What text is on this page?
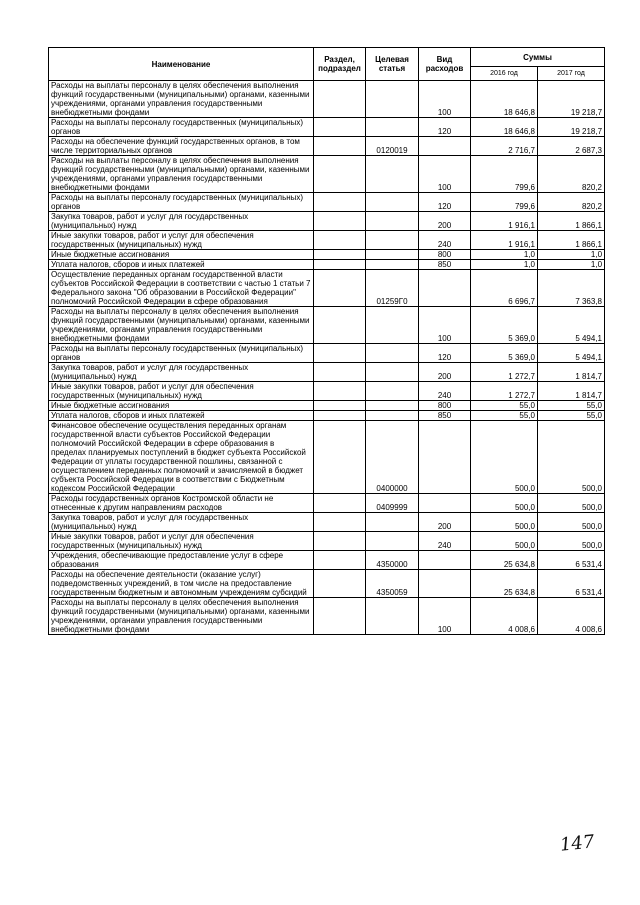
Наименование	Раздел, подраздел	Целевая статья	Вид расходов	Суммы	
				2016 год	2017 год
Расходы на выплаты персоналу в целях обеспечения выполнения функций государственными (муниципальными) органами, казенными учреждениями, органами управления государственными внебюджетными фондами			100	18 646,8	19 218,7
Расходы на выплаты персоналу государственных (муниципальных) органов			120	18 646,8	19 218,7
Расходы на обеспечение функций государственных органов, в том числе территориальных органов		0120019		2 716,7	2 687,3
Расходы на выплаты персоналу в целях обеспечения выполнения функций государственными (муниципальными) органами, казенными учреждениями, органами управления государственными внебюджетными фондами			100	799,6	820,2
Расходы на выплаты персоналу государственных (муниципальных) органов			120	799,6	820,2
Закупка товаров, работ и услуг для государственных (муниципальных) нужд			200	1 916,1	1 866,1
Иные закупки товаров, работ и услуг для обеспечения государственных (муниципальных) нужд			240	1 916,1	1 866,1
Иные бюджетные ассигнования			800	1,0	1,0
Уплата налогов, сборов и иных платежей			850	1,0	1,0
Осуществление переданных органам государственной власти субъектов Российской Федерации в соответствии с частью 1 статьи 7 Федерального закона "Об образовании в Российской Федерации" полномочий Российской Федерации в сфере образования		01259Г0		6 696,7	7 363,8
Расходы на выплаты персоналу в целях обеспечения выполнения функций государственными (муниципальными) органами, казенными учреждениями, органами управления государственными внебюджетными фондами			100	5 369,0	5 494,1
Расходы на выплаты персоналу государственных (муниципальных) органов			120	5 369,0	5 494,1
Закупка товаров, работ и услуг для государственных (муниципальных) нужд			200	1 272,7	1 814,7
Иные закупки товаров, работ и услуг для обеспечения государственных (муниципальных) нужд			240	1 272,7	1 814,7
Иные бюджетные ассигнования			800	55,0	55,0
Уплата налогов, сборов и иных платежей			850	55,0	55,0
Финансовое обеспечение осуществления переданных органам государственной власти субъектов Российской Федерации полномочий Российской Федерации в сфере образования в пределах планируемых поступлений в бюджет субъекта Российской Федерации от уплаты государственной пошлины, связанной с осуществлением переданных полномочий и зачисляемой в бюджет субъекта Российской Федерации в соответствии с Бюджетным кодексом Российской Федерации		0400000		500,0	500,0
Расходы государственных органов Костромской области не отнесенные к другим направлениям расходов		0409999		500,0	500,0
Закупка товаров, работ и услуг для государственных (муниципальных) нужд			200	500,0	500,0
Иные закупки товаров, работ и услуг для обеспечения государственных (муниципальных) нужд			240	500,0	500,0
Учреждения, обеспечивающие предоставление услуг в сфере образования		4350000		25 634,8	6 531,4
Расходы на обеспечение деятельности (оказание услуг) подведомственных учреждений, в том числе на предоставление государственным бюджетным и автономным учреждениям субсидий		4350059		25 634,8	6 531,4
Расходы на выплаты персоналу в целях обеспечения выполнения функций государственными (муниципальными) органами, казенными учреждениями, органами управления государственными внебюджетными фондами			100	4 008,6	4 008,6
147
